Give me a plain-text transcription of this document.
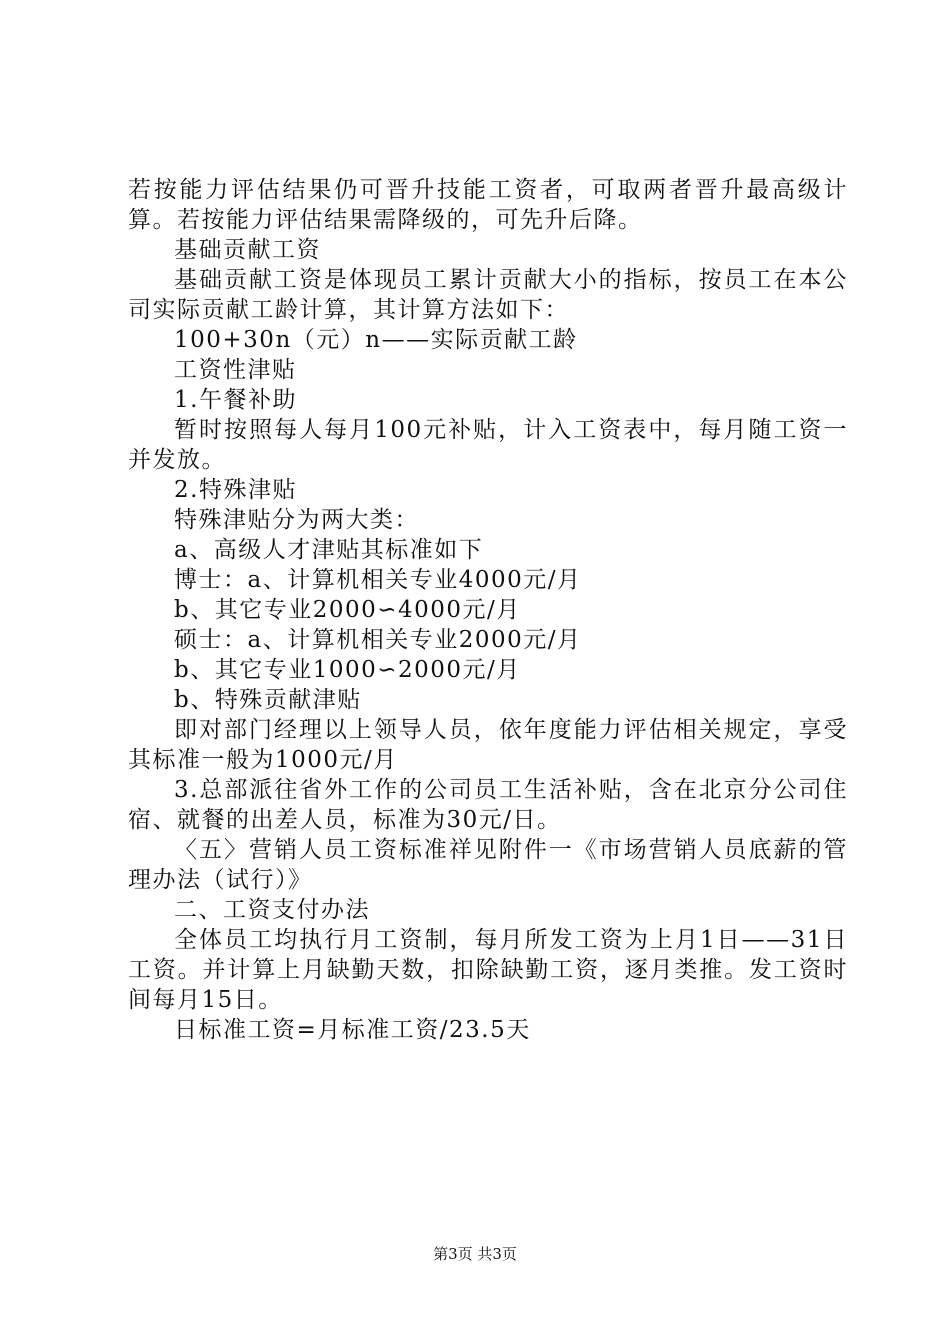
若按能力评估结果仍可晋升技能工资者，可取两者晋升最高级计算。若按能力评估结果需降级的，可先升后降。

基础贡献工资

基础贡献工资是体现员工累计贡献大小的指标，按员工在本公司实际贡献工龄计算，其计算方法如下：

100+30n（元）n——实际贡献工龄

工资性津贴

1.午餐补助

暂时按照每人每月100元补贴，计入工资表中，每月随工资一并发放。

2.特殊津贴

特殊津贴分为两大类：

a、高级人才津贴其标准如下

博士：a、计算机相关专业4000元/月

b、其它专业2000∽4000元/月

硕士：a、计算机相关专业2000元/月

b、其它专业1000∽2000元/月

b、特殊贡献津贴

即对部门经理以上领导人员，依年度能力评估相关规定，享受其标准一般为1000元/月

3.总部派往省外工作的公司员工生活补贴，含在北京分公司住宿、就餐的出差人员，标准为30元/日。

〈五〉营销人员工资标准祥见附件一《市场营销人员底薪的管理办法（试行）》

二、工资支付办法

全体员工均执行月工资制，每月所发工资为上月1日——31日工资。并计算上月缺勤天数，扣除缺勤工资，逐月类推。发工资时间每月15日。

日标准工资=月标准工资/23.5天

第3页 共3页
